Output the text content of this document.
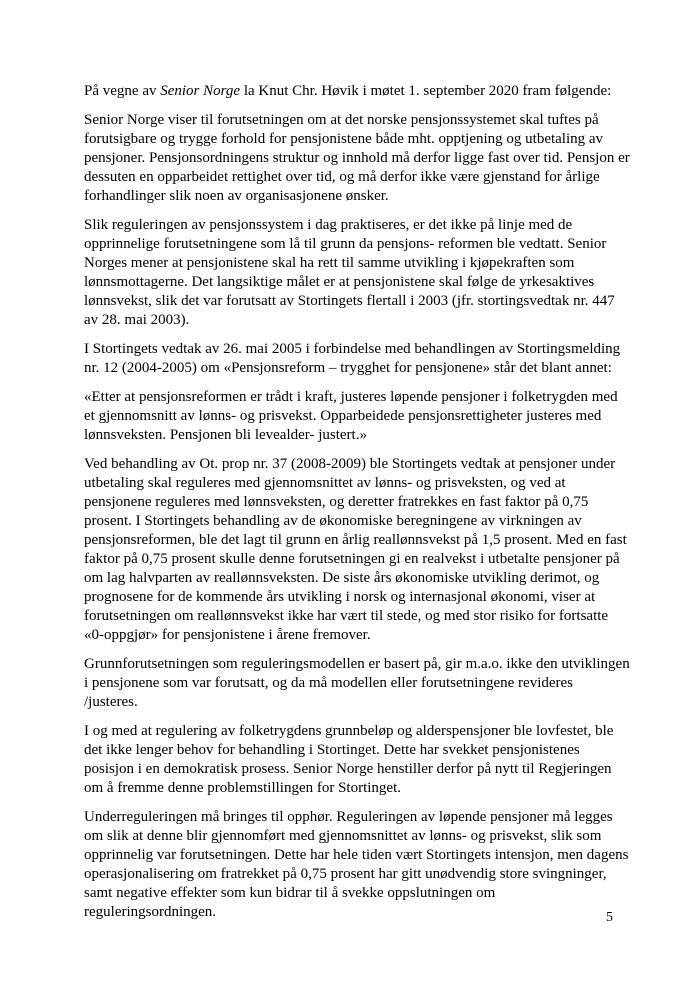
På vegne av Senior Norge la Knut Chr. Høvik i møtet 1. september 2020 fram følgende:

Senior Norge viser til forutsetningen om at det norske pensjonssystemet skal tuftes på forutsigbare og trygge forhold for pensjonistene både mht. opptjening og utbetaling av pensjoner. Pensjonsordningens struktur og innhold må derfor ligge fast over tid. Pensjon er dessuten en opparbeidet rettighet over tid, og må derfor ikke være gjenstand for årlige forhandlinger slik noen av organisasjonene ønsker.

Slik reguleringen av pensjonssystem i dag praktiseres, er det ikke på linje med de opprinnelige forutsetningene som lå til grunn da pensjons- reformen ble vedtatt. Senior Norges mener at pensjonistene skal ha rett til samme utvikling i kjøpekraften som lønnsmottagerne. Det langsiktige målet er at pensjonistene skal følge de yrkesaktives lønnsvekst, slik det var forutsatt av Stortingets flertall i 2003 (jfr. stortingsvedtak nr. 447 av 28. mai 2003).

I Stortingets vedtak av 26. mai 2005 i forbindelse med behandlingen av Stortingsmelding nr. 12 (2004-2005) om «Pensjonsreform – trygghet for pensjonene» står det blant annet:

«Etter at pensjonsreformen er trådt i kraft, justeres løpende pensjoner i folketrygden med et gjennomsnitt av lønns- og prisvekst. Opparbeidede pensjonsrettigheter justeres med lønnsveksten. Pensjonen bli levealder- justert.»

Ved behandling av Ot. prop nr. 37 (2008-2009) ble Stortingets vedtak at pensjoner under utbetaling skal reguleres med gjennomsnittet av lønns- og prisveksten, og ved at pensjonene reguleres med lønnsveksten, og deretter fratrekkes en fast faktor på 0,75 prosent. I Stortingets behandling av de økonomiske beregningene av virkningen av pensjonsreformen, ble det lagt til grunn en årlig reallønnsvekst på 1,5 prosent. Med en fast faktor på 0,75 prosent skulle denne forutsetningen gi en realvekst i utbetalte pensjoner på om lag halvparten av reallønnsveksten. De siste års økonomiske utvikling derimot, og prognosene for de kommende års utvikling i norsk og internasjonal økonomi, viser at forutsetningen om reallønnsvekst ikke har vært til stede, og med stor risiko for fortsatte «0-oppgjør» for pensjonistene i årene fremover.

Grunnforutsetningen som reguleringsmodellen er basert på, gir m.a.o. ikke den utviklingen i pensjonene som var forutsatt, og da må modellen eller forutsetningene revideres /justeres.

I og med at regulering av folketrygdens grunnbeløp og alderspensjoner ble lovfestet, ble det ikke lenger behov for behandling i Stortinget. Dette har svekket pensjonistenes posisjon i en demokratisk prosess. Senior Norge henstiller derfor på nytt til Regjeringen om å fremme denne problemstillingen for Stortinget.

Underreguleringen må bringes til opphør. Reguleringen av løpende pensjoner må legges om slik at denne blir gjennomført med gjennomsnittet av lønns- og prisvekst, slik som opprinnelig var forutsetningen. Dette har hele tiden vært Stortingets intensjon, men dagens operasjonalisering om fratrekket på 0,75 prosent har gitt unødvendig store svingninger, samt negative effekter som kun bidrar til å svekke oppslutningen om reguleringsordningen.	5
